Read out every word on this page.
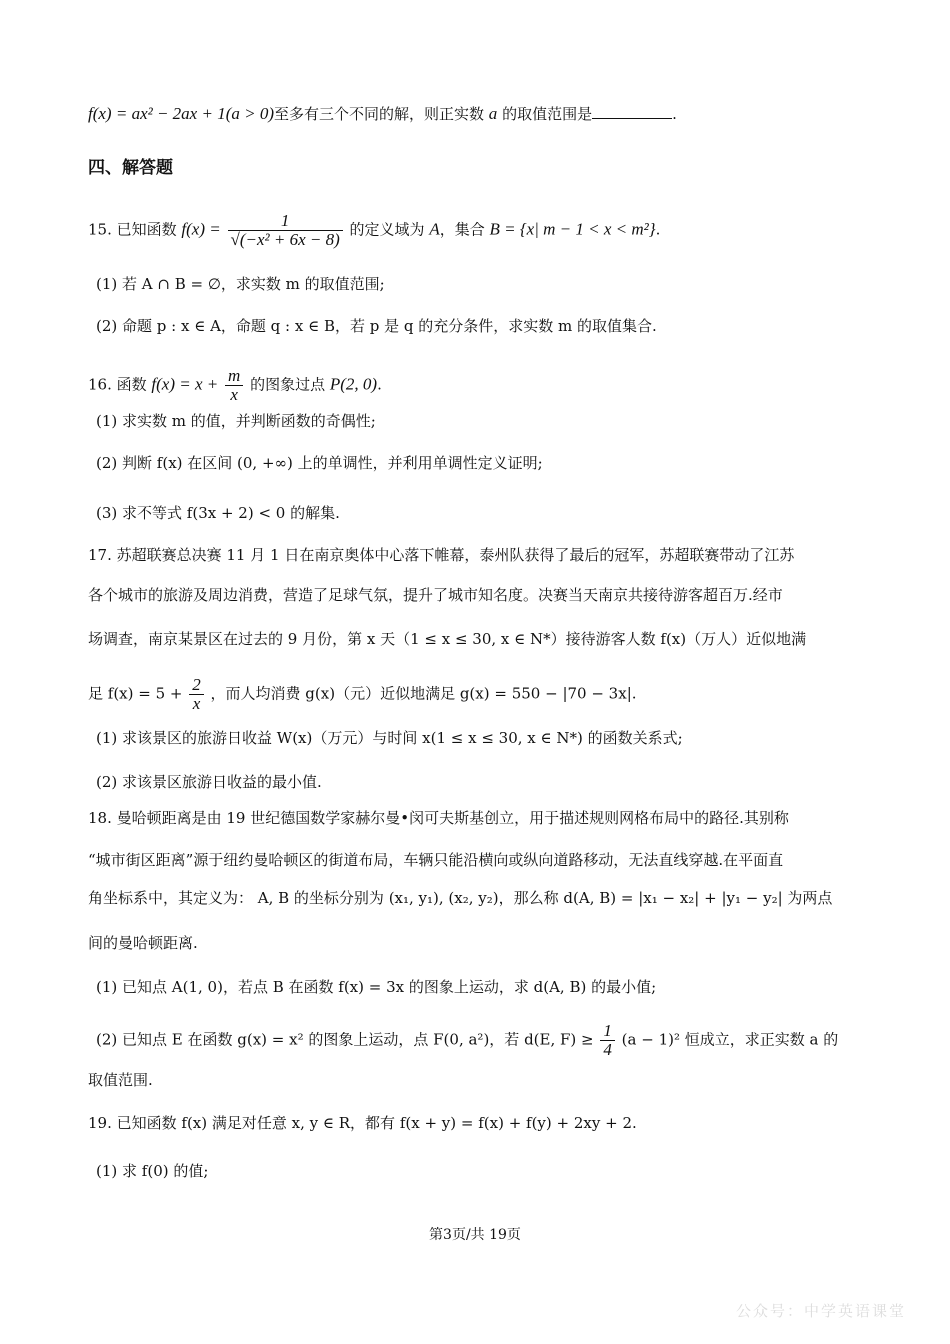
f(x) = ax² − 2ax + 1(a > 0)至多有三个不同的解，则正实数 a 的取值范围是	.
四、解答题
15. 已知函数 $f(x) = \frac{1}{\text{√(−x² + 6x − 8)}}$ 的定义域为 A，集合 B = {x| m − 1 < x < m²}.
(1) 若 A ∩ B = ∅，求实数 m 的取值范围;
(2) 命题 p : x ∈ A，命题 q : x ∈ B，若 p 是 q 的充分条件，求实数 m 的取值集合.
16. 函数 $f(x) = x + \frac{m}{x}$ 的图象过点 P(2, 0).
(1) 求实数 m 的值，并判断函数的奇偶性;
(2) 判断 f(x) 在区间 (0, +∞) 上的单调性，并利用单调性定义证明;
(3) 求不等式 f(3x + 2) < 0 的解集.
17. 苏超联赛总决赛 11 月 1 日在南京奥体中心落下帷幕，泰州队获得了最后的冠军，苏超联赛带动了江苏
各个城市的旅游及周边消费，营造了足球气氛，提升了城市知名度。决赛当天南京共接待游客超百万.经市
场调查，南京某景区在过去的 9 月份，第 x 天（1 ≤ x ≤ 30, x ∈ N*）接待游客人数 f(x)（万人）近似地满
足 $f(x) = 5 + \frac{2}{x}$ ，而人均消费 g(x)（元）近似地满足 g(x) = 550 − |70 − 3x|.
(1) 求该景区的旅游日收益 W(x)（万元）与时间 x(1 ≤ x ≤ 30, x ∈ N*) 的函数关系式;
(2) 求该景区旅游日收益的最小值.
18. 曼哈顿距离是由 19 世纪德国数学家赫尔曼•闵可夫斯基创立，用于描述规则网格布局中的路径.其别称
“城市街区距离”源于纽约曼哈顿区的街道布局，车辆只能沿横向或纵向道路移动，无法直线穿越.在平面直
角坐标系中，其定义为： A, B 的坐标分别为 (x₁, y₁), (x₂, y₂)，那么称 d(A, B) = |x₁ − x₂| + |y₁ − y₂| 为两点
间的曼哈顿距离.
(1) 已知点 A(1, 0)，若点 B 在函数 f(x) = 3x 的图象上运动，求 d(A, B) 的最小值;
(2) 已知点 E 在函数 g(x) = x² 的图象上运动，点 F(0, a²)，若 d(E, $F) \ge \frac{1}{4} (a - 1)^2$ 恒成立，求正实数 a 的
取值范围.
19. 已知函数 f(x) 满足对任意 x, y ∈ R，都有 f(x + y) = f(x) + f(y) + 2xy + 2.
(1) 求 f(0) 的值;
第3页/共 19页
公众号：中学英语课堂
